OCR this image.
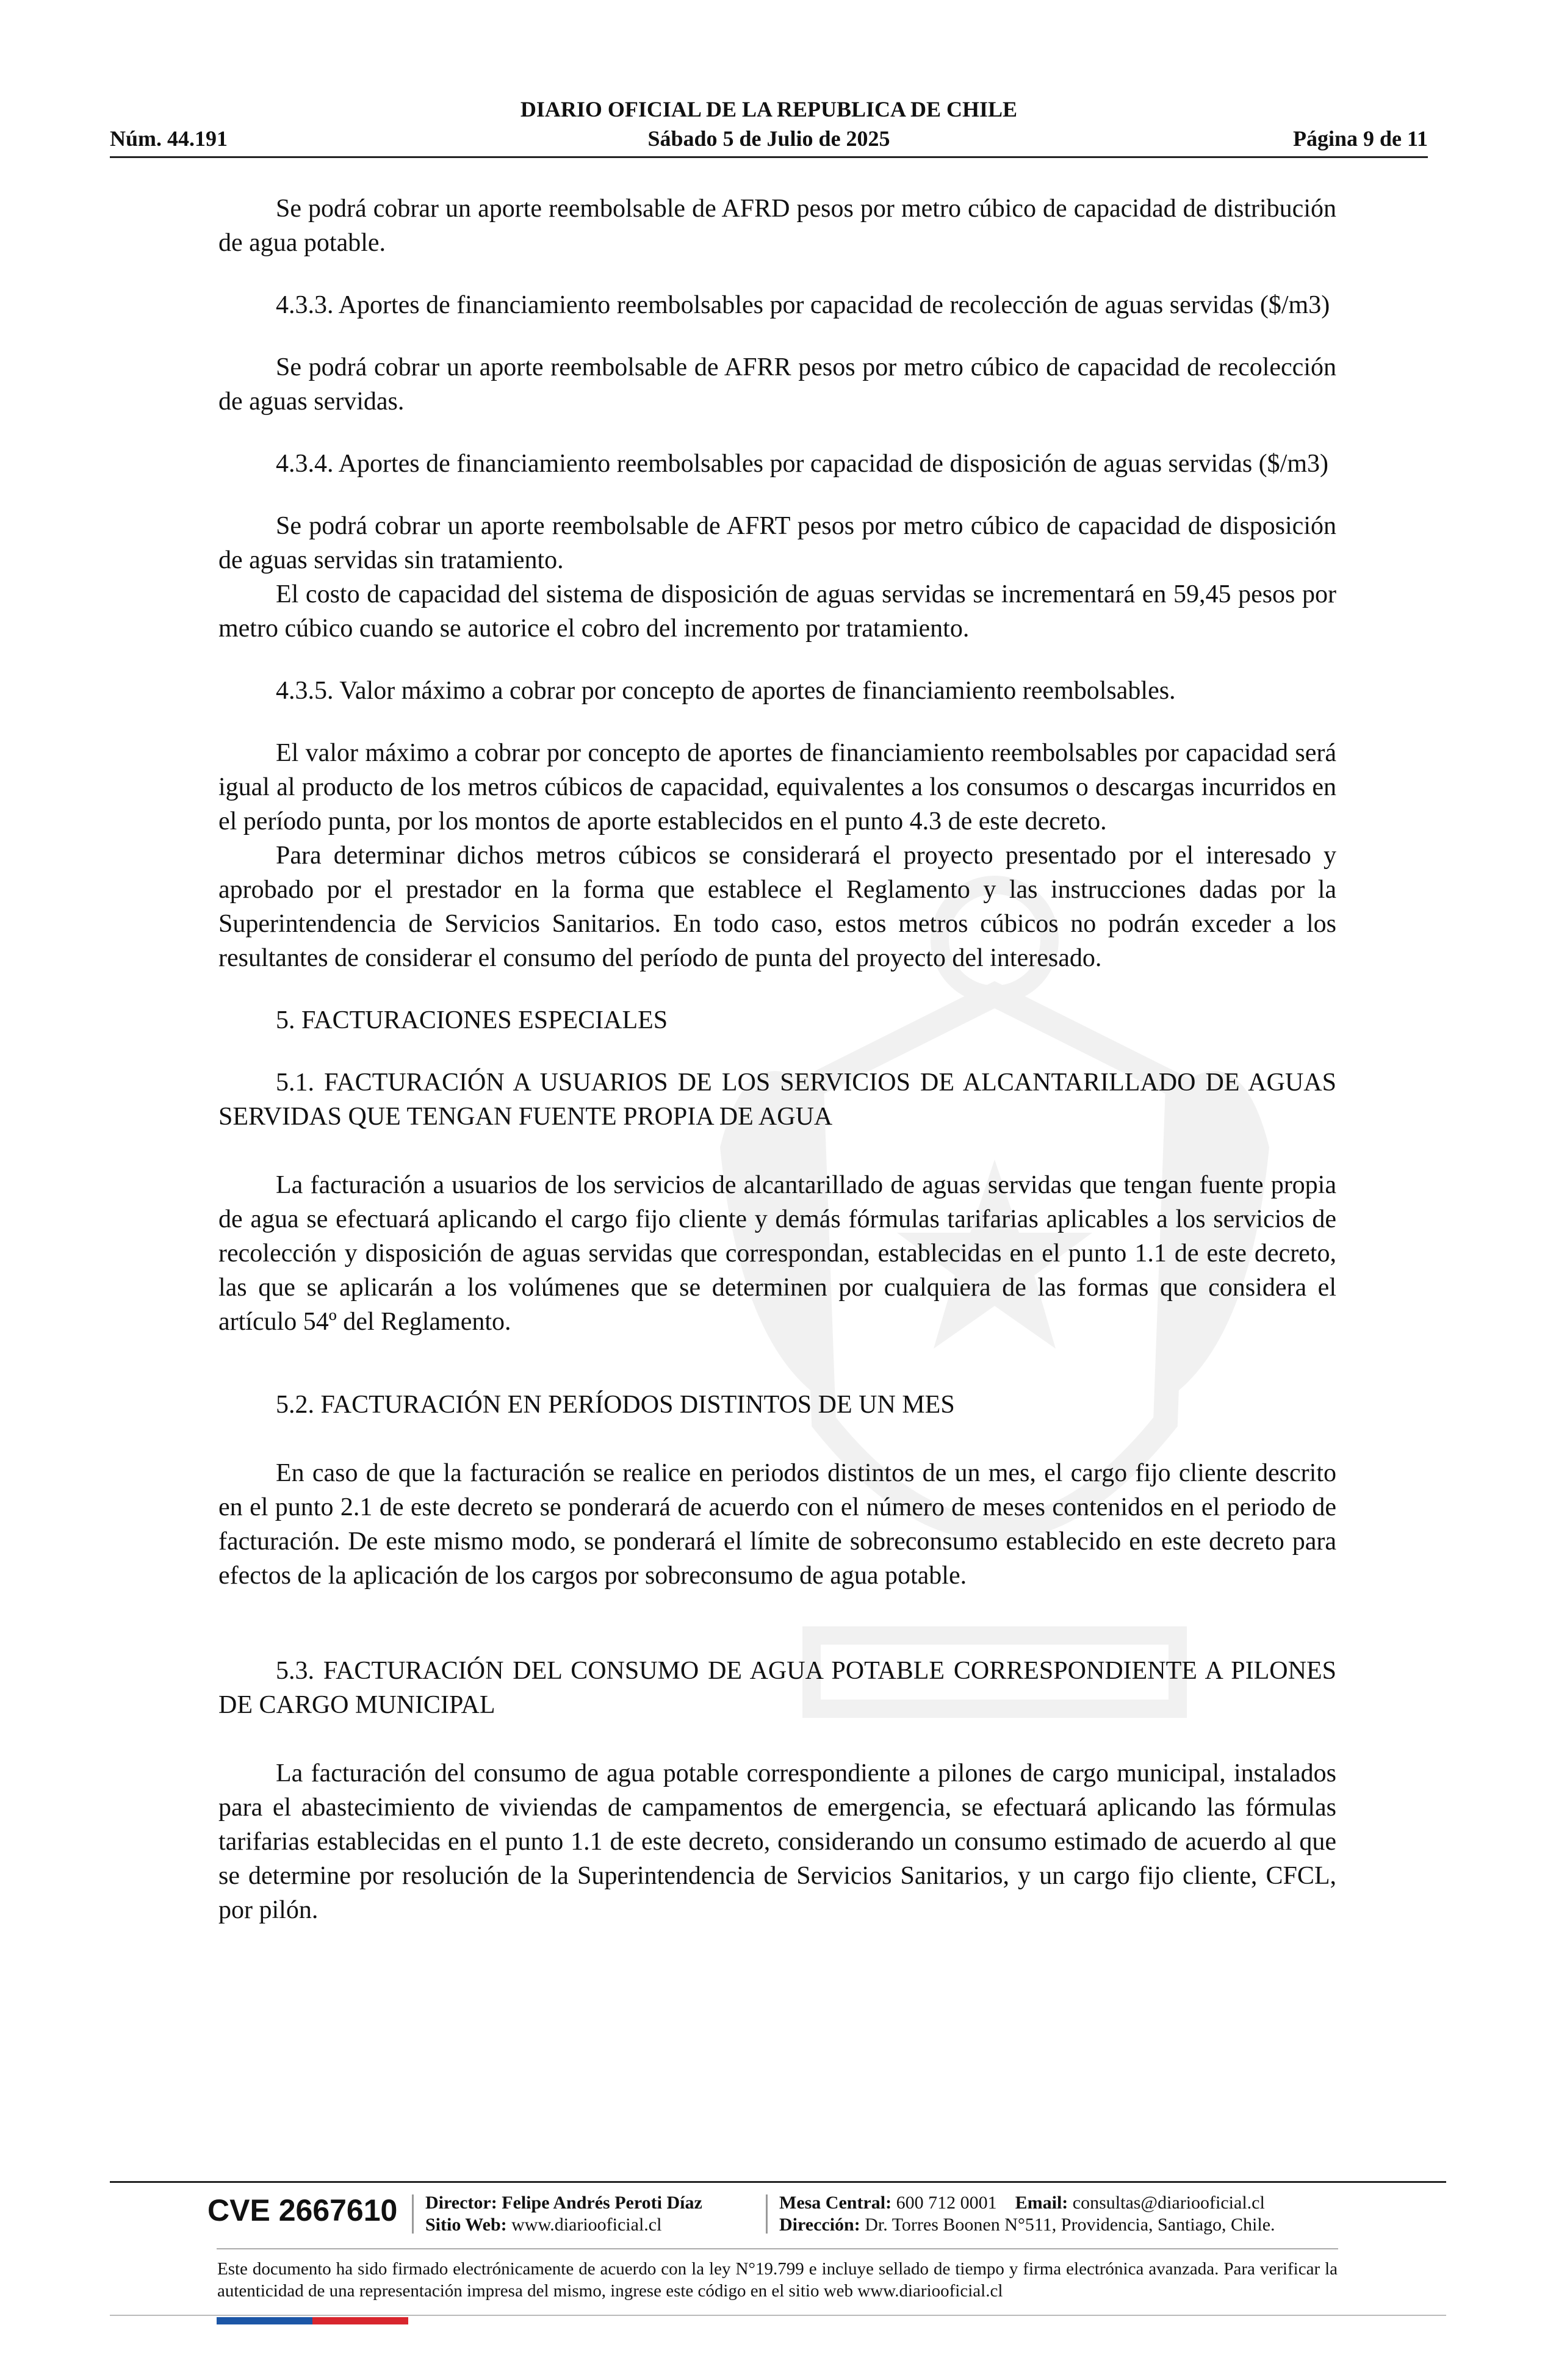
DIARIO OFICIAL DE LA REPUBLICA DE CHILE
Núm. 44.191	Sábado 5 de Julio de 2025	Página 9 de 11

Se podrá cobrar un aporte reembolsable de AFRD pesos por metro cúbico de capacidad de distribución de agua potable.

4.3.3. Aportes de financiamiento reembolsables por capacidad de recolección de aguas servidas ($/m3)

Se podrá cobrar un aporte reembolsable de AFRR pesos por metro cúbico de capacidad de recolección de aguas servidas.

4.3.4. Aportes de financiamiento reembolsables por capacidad de disposición de aguas servidas ($/m3)

Se podrá cobrar un aporte reembolsable de AFRT pesos por metro cúbico de capacidad de disposición de aguas servidas sin tratamiento.

El costo de capacidad del sistema de disposición de aguas servidas se incrementará en 59,45 pesos por metro cúbico cuando se autorice el cobro del incremento por tratamiento.

4.3.5. Valor máximo a cobrar por concepto de aportes de financiamiento reembolsables.

El valor máximo a cobrar por concepto de aportes de financiamiento reembolsables por capacidad será igual al producto de los metros cúbicos de capacidad, equivalentes a los consumos o descargas incurridos en el período punta, por los montos de aporte establecidos en el punto 4.3 de este decreto.

Para determinar dichos metros cúbicos se considerará el proyecto presentado por el interesado y aprobado por el prestador en la forma que establece el Reglamento y las instrucciones dadas por la Superintendencia de Servicios Sanitarios. En todo caso, estos metros cúbicos no podrán exceder a los resultantes de considerar el consumo del período de punta del proyecto del interesado.

5. FACTURACIONES ESPECIALES

5.1. FACTURACIÓN A USUARIOS DE LOS SERVICIOS DE ALCANTARILLADO DE AGUAS SERVIDAS QUE TENGAN FUENTE PROPIA DE AGUA

La facturación a usuarios de los servicios de alcantarillado de aguas servidas que tengan fuente propia de agua se efectuará aplicando el cargo fijo cliente y demás fórmulas tarifarias aplicables a los servicios de recolección y disposición de aguas servidas que correspondan, establecidas en el punto 1.1 de este decreto, las que se aplicarán a los volúmenes que se determinen por cualquiera de las formas que considera el artículo 54º del Reglamento.

5.2. FACTURACIÓN EN PERÍODOS DISTINTOS DE UN MES

En caso de que la facturación se realice en periodos distintos de un mes, el cargo fijo cliente descrito en el punto 2.1 de este decreto se ponderará de acuerdo con el número de meses contenidos en el periodo de facturación. De este mismo modo, se ponderará el límite de sobreconsumo establecido en este decreto para efectos de la aplicación de los cargos por sobreconsumo de agua potable.

5.3. FACTURACIÓN DEL CONSUMO DE AGUA POTABLE CORRESPONDIENTE A PILONES DE CARGO MUNICIPAL

La facturación del consumo de agua potable correspondiente a pilones de cargo municipal, instalados para el abastecimiento de viviendas de campamentos de emergencia, se efectuará aplicando las fórmulas tarifarias establecidas en el punto 1.1 de este decreto, considerando un consumo estimado de acuerdo al que se determine por resolución de la Superintendencia de Servicios Sanitarios, y un cargo fijo cliente, CFCL, por pilón.

CVE 2667610 Director: Felipe Andrés Peroti Díaz
Sitio Web: www.diariooficial.cl
Mesa Central: 600 712 0001 Email: consultas@diariooficial.cl
Dirección: Dr. Torres Boonen N°511, Providencia, Santiago, Chile.
Este documento ha sido firmado electrónicamente de acuerdo con la ley N°19.799 e incluye sellado de tiempo y firma electrónica avanzada. Para verificar la autenticidad de una representación impresa del mismo, ingrese este código en el sitio web www.diariooficial.cl
